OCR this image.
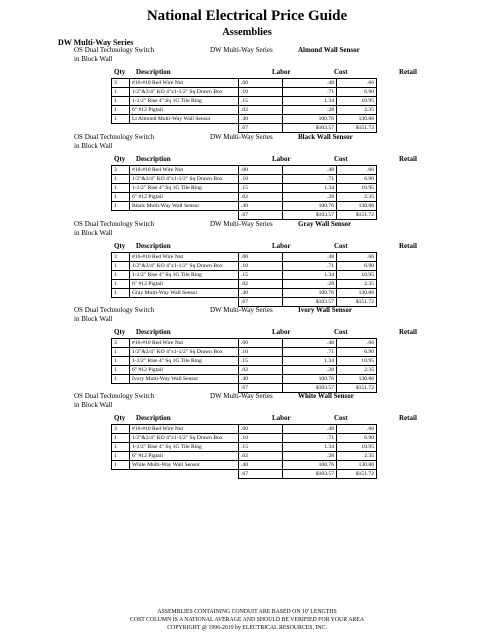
National Electrical Price Guide
Assemblies
DW Multi-Way Series
OS Dual Technology Switch	DW Multi-Way Series	Almond Wall Sensor
in Block Wall
Qty Description	Labor	Cost	Retail
3	#16-#10 Red Wire Nut	.00	.48	.66
1	1/2"&3/4" KO 4"x1-1/2" Sq Drawn Box	.10	.71	6.90
1	1-1/2" Rise 4" Sq 1G Tile Ring	.15	1.34	10.95
1	6" #12 Pigtail	.02	.28	2.35
1	Lt Almond Multi-Way Wall Sensor	.40	100.76	130.86
		.67	$103.57	$151.72
OS Dual Technology Switch	DW Multi-Way Series	Black Wall Sensor
in Block Wall
Qty Description	Labor	Cost	Retail
3	#16-#10 Red Wire Nut	.00	.48	.66
1	1/2"&3/4" KO 4"x1-1/2" Sq Drawn Box	.10	.71	6.90
1	1-1/2" Rise 4" Sq 1G Tile Ring	.15	1.34	10.95
1	6" #12 Pigtail	.02	.28	2.35
1	Black Multi-Way Wall Sensor	.40	100.76	130.86
		.67	$103.57	$151.72
OS Dual Technology Switch	DW Multi-Way Series	Gray Wall Sensor
in Block Wall
Qty Description	Labor	Cost	Retail
3	#16-#10 Red Wire Nut	.00	.48	.66
1	1/2"&3/4" KO 4"x1-1/2" Sq Drawn Box	.10	.71	6.90
1	1-1/2" Rise 4" Sq 1G Tile Ring	.15	1.34	10.95
1	6" #12 Pigtail	.02	.28	2.35
1	Gray Multi-Way Wall Sensor	.40	100.76	130.86
		.67	$103.57	$151.72
OS Dual Technology Switch	DW Multi-Way Series	Ivory Wall Sensor
in Block Wall
Qty Description	Labor	Cost	Retail
3	#16-#10 Red Wire Nut	.00	.48	.66
1	1/2"&3/4" KO 4"x1-1/2" Sq Drawn Box	.10	.71	6.90
1	1-1/2" Rise 4" Sq 1G Tile Ring	.15	1.34	10.95
1	6" #12 Pigtail	.02	.28	2.35
1	Ivory Multi-Way Wall Sensor	.40	100.76	130.86
		.67	$103.57	$151.72
OS Dual Technology Switch	DW Multi-Way Series	White Wall Sensor
in Block Wall
Qty Description	Labor	Cost	Retail
3	#16-#10 Red Wire Nut	.00	.48	.66
1	1/2"&3/4" KO 4"x1-1/2" Sq Drawn Box	.10	.71	6.90
1	1-1/2" Rise 4" Sq 1G Tile Ring	.15	1.34	10.95
1	6" #12 Pigtail	.02	.28	2.35
1	White Multi-Way Wall Sensor	.40	100.76	130.86
		.67	$103.57	$151.72
ASSEMBLIES CONTAINING CONDUIT ARE BASED ON 10' LENGTHS
COST COLUMN IS A NATIONAL AVERAGE AND SHOULD BE VERIFIED FOR YOUR AREA
COPYRIGHT @ 1996-2019 by ELECTRICAL RESOURCES, INC.
